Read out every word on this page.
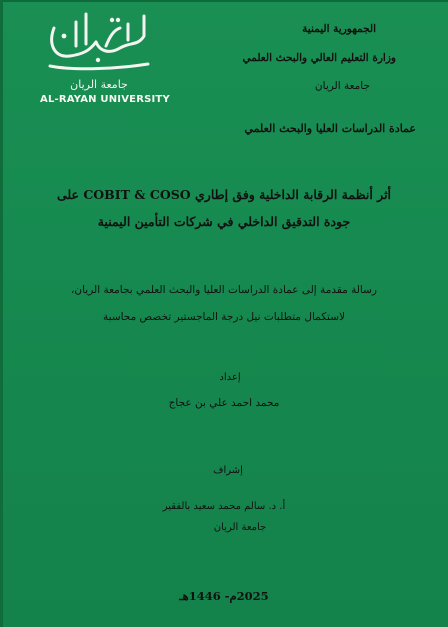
جامعة الريان
AL-RAYAN UNIVERSITY
الجمهورية اليمنية
وزارة التعليم العالي والبحث العلمي
جامعة الريان
عمادة الدراسات العليا والبحث العلمي
أثر أنظمة الرقابة الداخلية وفق إطاري COBIT & COSO على
جودة التدقيق الداخلي في شركات التأمين اليمنية
رسالة مقدمة إلى عمادة الدراسات العليا والبحث العلمي بجامعة الريان،
لاستكمال متطلبات نيل درجة الماجستير تخصص محاسبة
إعداد
محمد احمد علي بن عجاج
إشراف
أ. د. سالم محمد سعيد بالفقير
جامعة الريان
2025م- 1446هـ
